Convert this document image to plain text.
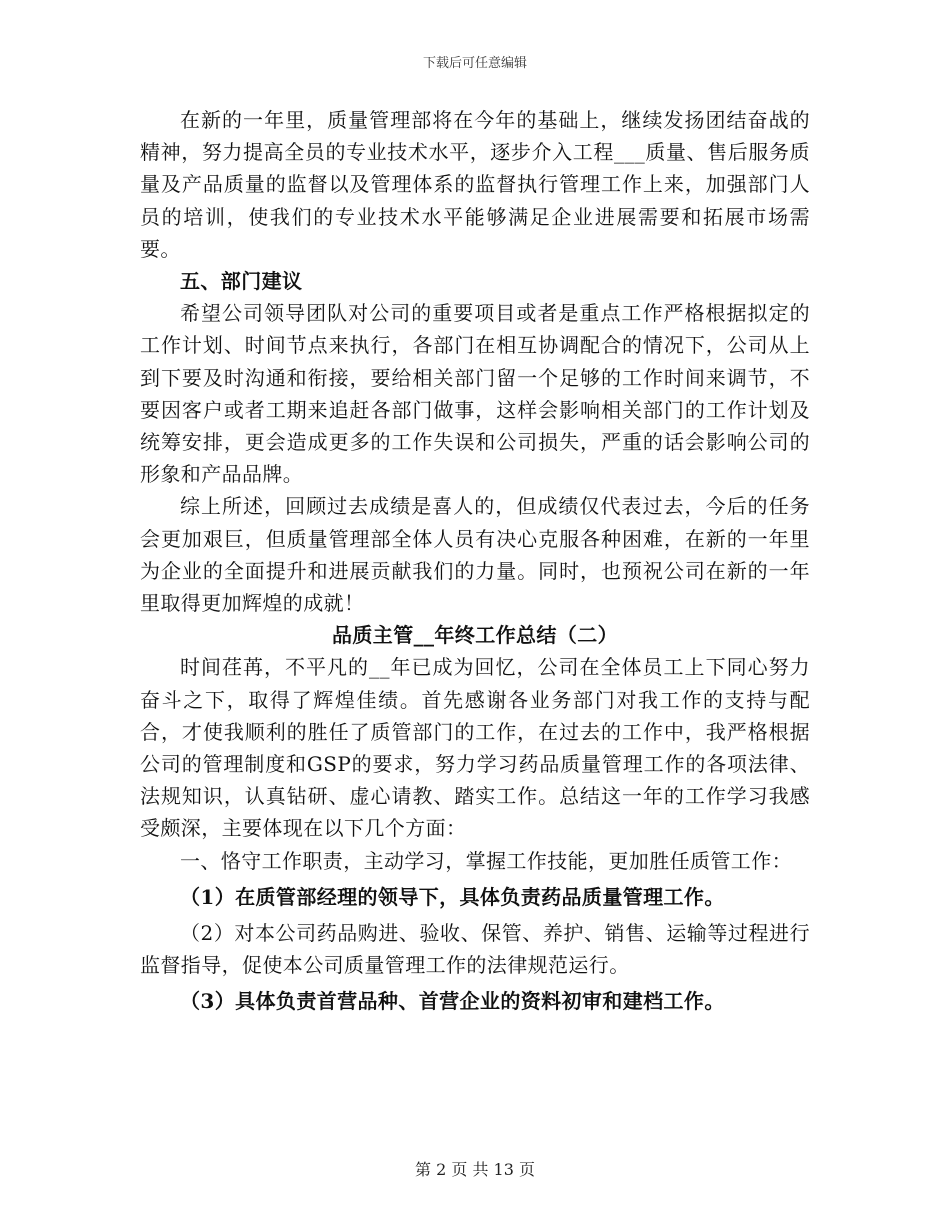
下载后可任意编辑

在新的一年里，质量管理部将在今年的基础上，继续发扬团结奋战的精神，努力提高全员的专业技术水平，逐步介入工程___质量、售后服务质量及产品质量的监督以及管理体系的监督执行管理工作上来，加强部门人员的培训，使我们的专业技术水平能够满足企业进展需要和拓展市场需要。

五、部门建议

希望公司领导团队对公司的重要项目或者是重点工作严格根据拟定的工作计划、时间节点来执行，各部门在相互协调配合的情况下，公司从上到下要及时沟通和衔接，要给相关部门留一个足够的工作时间来调节，不要因客户或者工期来追赶各部门做事，这样会影响相关部门的工作计划及统筹安排，更会造成更多的工作失误和公司损失，严重的话会影响公司的形象和产品品牌。

综上所述，回顾过去成绩是喜人的，但成绩仅代表过去，今后的任务会更加艰巨，但质量管理部全体人员有决心克服各种困难，在新的一年里为企业的全面提升和进展贡献我们的力量。同时，也预祝公司在新的一年里取得更加辉煌的成就！

品质主管__年终工作总结（二）

时间荏苒，不平凡的__年已成为回忆，公司在全体员工上下同心努力奋斗之下，取得了辉煌佳绩。首先感谢各业务部门对我工作的支持与配合，才使我顺利的胜任了质管部门的工作，在过去的工作中，我严格根据公司的管理制度和GSP的要求，努力学习药品质量管理工作的各项法律、法规知识，认真钻研、虚心请教、踏实工作。总结这一年的工作学习我感受颇深，主要体现在以下几个方面：

一、恪守工作职责，主动学习，掌握工作技能，更加胜任质管工作：

（1）在质管部经理的领导下，具体负责药品质量管理工作。

（2）对本公司药品购进、验收、保管、养护、销售、运输等过程进行监督指导，促使本公司质量管理工作的法律规范运行。

（3）具体负责首营品种、首营企业的资料初审和建档工作。

第 2 页 共 13 页
